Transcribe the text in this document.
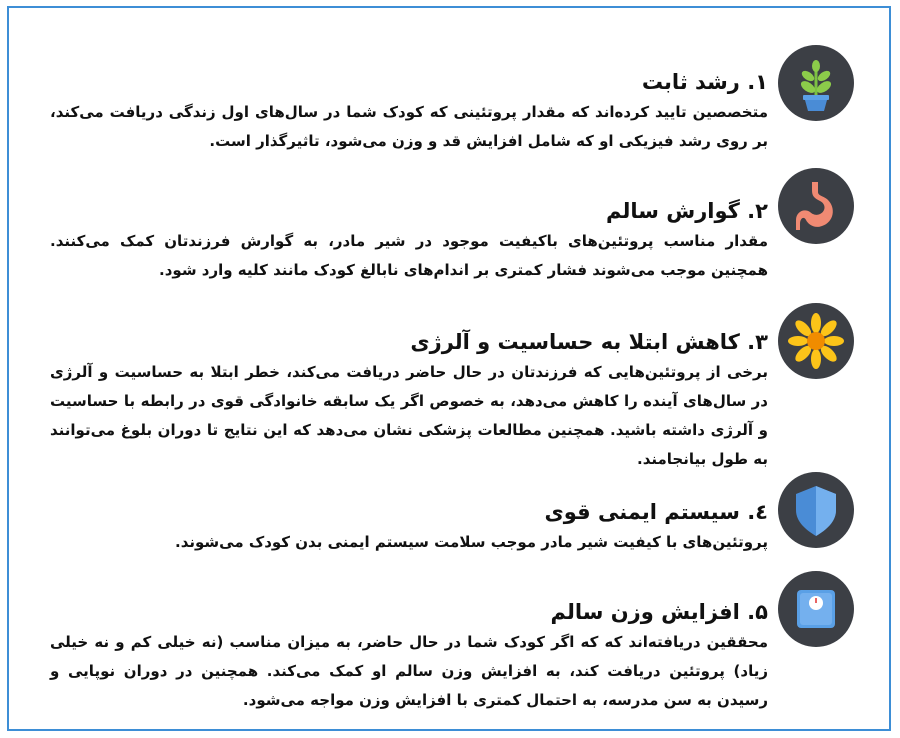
۱. رشد ثابت
متخصصین تایید کرده‌اند که مقدار پروتئینی که کودک شما در سال‌های اول زندگی دریافت می‌کند، بر روی رشد فیزیکی او که شامل افزایش قد و وزن می‌شود، تاثیرگذار است.
۲. گوارش سالم
مقدار مناسب پروتئین‌های باکیفیت موجود در شیر مادر، به گوارش فرزندتان کمک می‌کنند. همچنین موجب می‌شوند فشار کمتری بر اندام‌های نابالغ کودک مانند کلیه وارد شود.
۳. کاهش ابتلا به حساسیت و آلرژی
برخی از پروتئین‌هایی که فرزندتان در حال حاضر دریافت می‌کند، خطر ابتلا به حساسیت و آلرژی در سال‌های آینده را کاهش می‌دهد، به خصوص اگر یک سابقه خانوادگی قوی در رابطه با حساسیت و آلرژی داشته باشید. همچنین مطالعات پزشکی نشان می‌دهد که این نتایج تا دوران بلوغ می‌توانند به طول بیانجامند.
٤. سیستم ایمنی قوی
پروتئین‌های با کیفیت شیر مادر موجب سلامت سیستم ایمنی بدن کودک می‌شوند.
۵. افزایش وزن سالم
محققین دریافته‌اند که که اگر کودک شما در حال حاضر، به میزان مناسب (نه خیلی کم و نه خیلی زیاد) پروتئین دریافت کند، به افزایش وزن سالم او کمک می‌کند. همچنین در دوران نوپایی و رسیدن به سن مدرسه، به احتمال کمتری با افزایش وزن مواجه می‌شود.
